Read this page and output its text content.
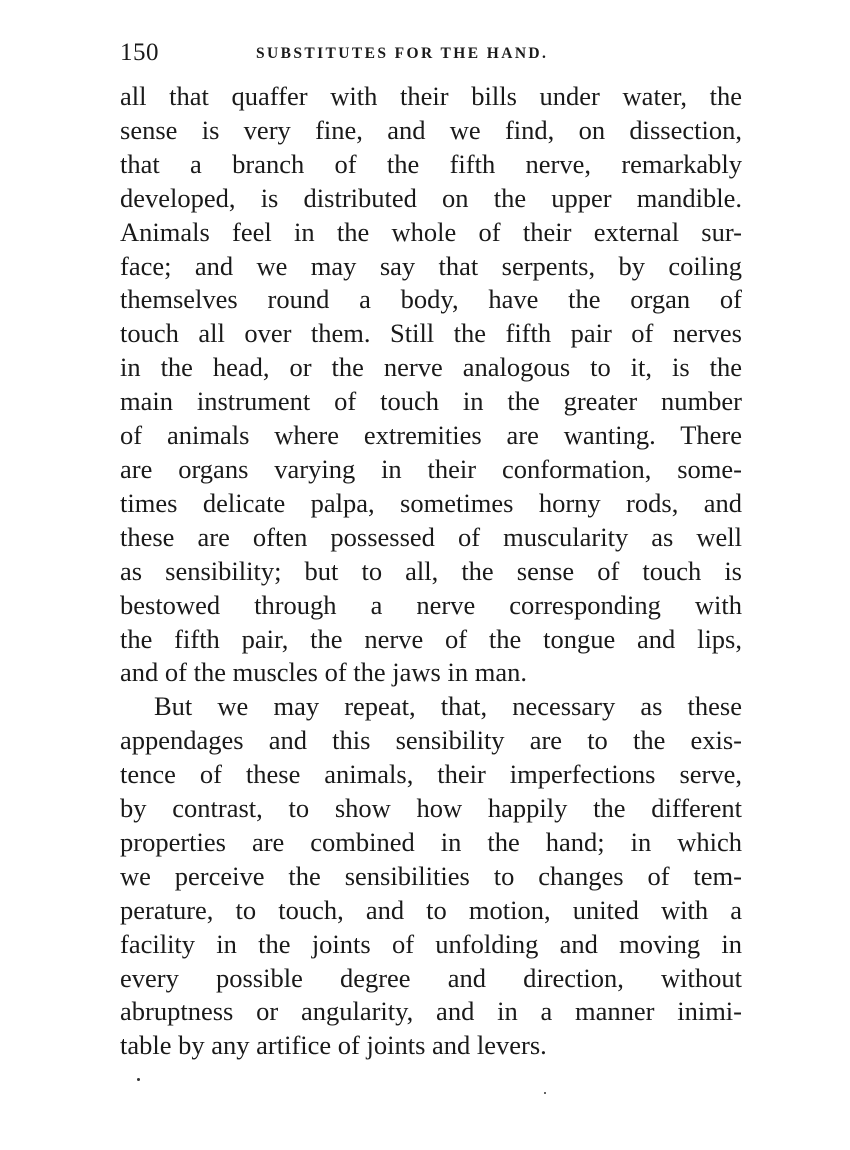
150	SUBSTITUTES FOR THE HAND.
all that quaffer with their bills under water, the
sense is very fine, and we find, on dissection,
that a branch of the fifth nerve, remarkably
developed, is distributed on the upper mandible.
Animals feel in the whole of their external sur-
face; and we may say that serpents, by coiling
themselves round a body, have the organ of
touch all over them. Still the fifth pair of nerves
in the head, or the nerve analogous to it, is the
main instrument of touch in the greater number
of animals where extremities are wanting. There
are organs varying in their conformation, some-
times delicate palpa, sometimes horny rods, and
these are often possessed of muscularity as well
as sensibility; but to all, the sense of touch is
bestowed through a nerve corresponding with
the fifth pair, the nerve of the tongue and lips,
and of the muscles of the jaws in man.
But we may repeat, that, necessary as these
appendages and this sensibility are to the exis-
tence of these animals, their imperfections serve,
by contrast, to show how happily the different
properties are combined in the hand; in which
we perceive the sensibilities to changes of tem-
perature, to touch, and to motion, united with a
facility in the joints of unfolding and moving in
every possible degree and direction, without
abruptness or angularity, and in a manner inimi-
table by any artifice of joints and levers.
